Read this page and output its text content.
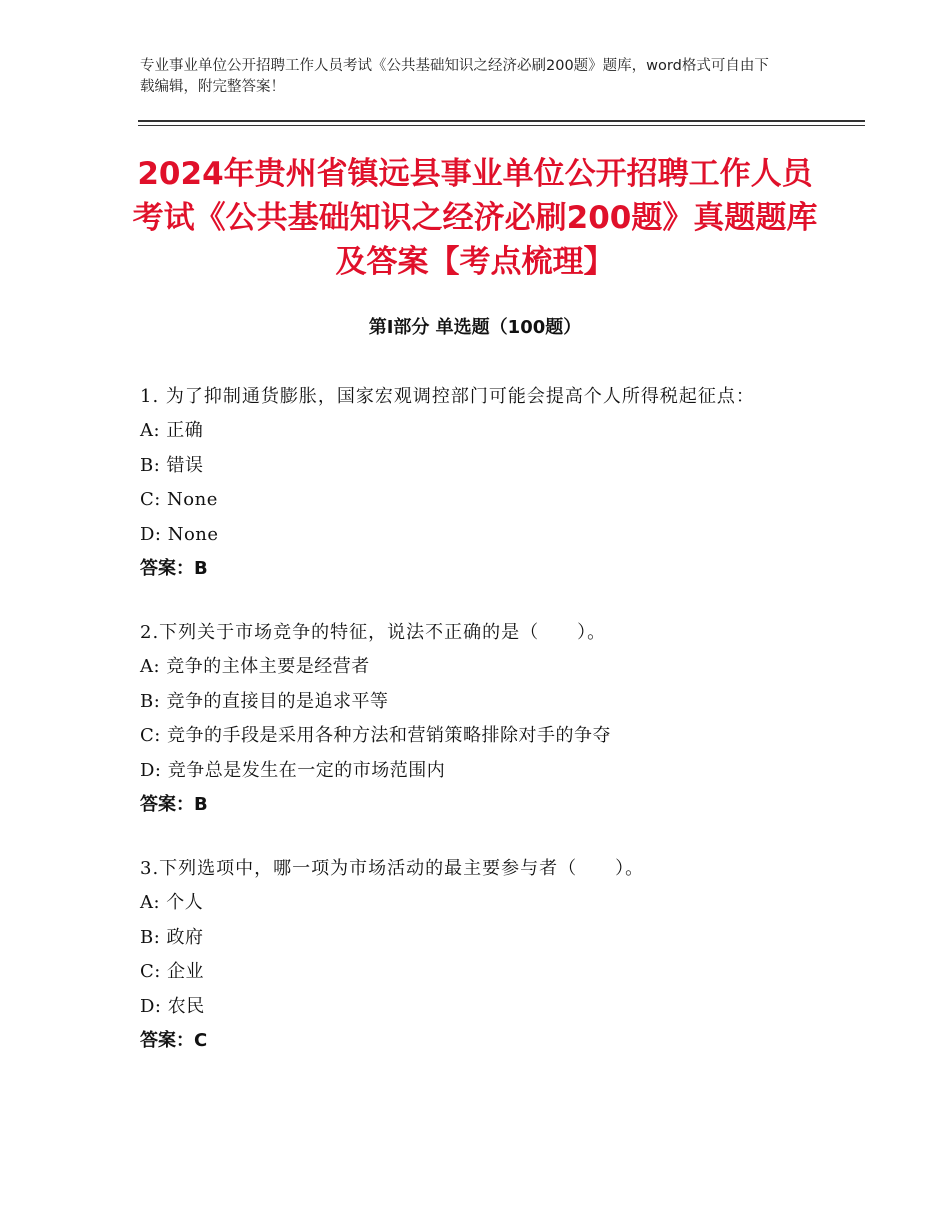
专业事业单位公开招聘工作人员考试《公共基础知识之经济必刷200题》题库，word格式可自由下载编辑，附完整答案！
2024年贵州省镇远县事业单位公开招聘工作人员考试《公共基础知识之经济必刷200题》真题题库及答案【考点梳理】
第Ⅰ部分 单选题（100题）
1. 为了抑制通货膨胀，国家宏观调控部门可能会提高个人所得税起征点：
A: 正确
B: 错误
C: None
D: None
答案：B
2.下列关于市场竞争的特征，说法不正确的是（　　）。
A: 竞争的主体主要是经营者
B: 竞争的直接目的是追求平等
C: 竞争的手段是采用各种方法和营销策略排除对手的争夺
D: 竞争总是发生在一定的市场范围内
答案：B
3.下列选项中，哪一项为市场活动的最主要参与者（　　）。
A: 个人
B: 政府
C: 企业
D: 农民
答案：C
